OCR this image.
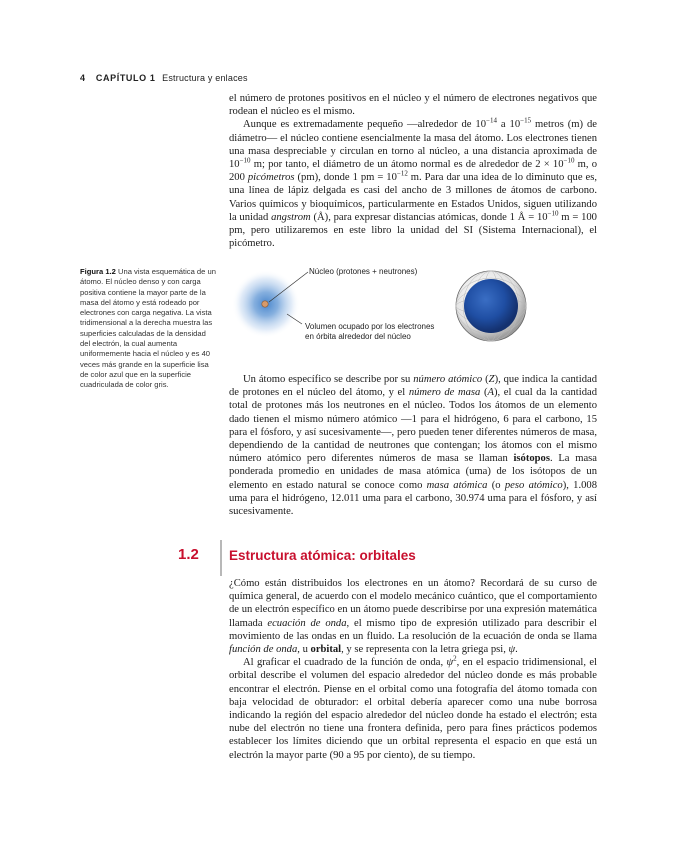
4 CAPÍTULO 1 Estructura y enlaces

el número de protones positivos en el núcleo y el número de electrones negativos que rodean el núcleo es el mismo.

Aunque es extremadamente pequeño —alrededor de $10^{-14}$ a $10^{-15}$ metros (m) de diámetro— el núcleo contiene esencialmente la masa del átomo. Los electrones tienen una masa despreciable y circulan en torno al núcleo, a una distancia aproximada de $10^{-10}$ m; por tanto, el diámetro de un átomo normal es de alrededor de $2 \times 10^{-10}$ m, o 200 picómetros (pm), donde 1 pm = $10^{-12}$ m. Para dar una idea de lo diminuto que es, una línea de lápiz delgada es casi del ancho de 3 millones de átomos de carbono. Varios químicos y bioquímicos, particularmente en Estados Unidos, siguen utilizando la unidad angstrom (Å), para expresar distancias atómicas, donde 1 Å = $10^{-10}$ m = 100 pm, pero utilizaremos en este libro la unidad del SI (Sistema Internacional), el picómetro.

Figura 1.2 Una vista esquemática de un átomo. El núcleo denso y con carga positiva contiene la mayor parte de la masa del átomo y está rodeado por electrones con carga negativa. La vista tridimensional a la derecha muestra las superficies calculadas de la densidad del electrón, la cual aumenta uniformemente hacia el núcleo y es 40 veces más grande en la superficie lisa de color azul que en la superficie cuadriculada de color gris.
Núcleo (protones + neutrones)
Volumen ocupado por los electrones
en órbita alrededor del núcleo

Un átomo específico se describe por su número atómico (Z), que indica la cantidad de protones en el núcleo del átomo, y el número de masa (A), el cual da la cantidad total de protones más los neutrones en el núcleo. Todos los átomos de un elemento dado tienen el mismo número atómico —1 para el hidrógeno, 6 para el carbono, 15 para el fósforo, y así sucesivamente—, pero pueden tener diferentes números de masa, dependiendo de la cantidad de neutrones que contengan; los átomos con el mismo número atómico pero diferentes números de masa se llaman isótopos. La masa ponderada promedio en unidades de masa atómica (uma) de los isótopos de un elemento en estado natural se conoce como masa atómica (o peso atómico), 1.008 uma para el hidrógeno, 12.011 uma para el carbono, 30.974 uma para el fósforo, y así sucesivamente.

1.2 Estructura atómica: orbitales

¿Cómo están distribuidos los electrones en un átomo? Recordará de su curso de química general, de acuerdo con el modelo mecánico cuántico, que el comportamiento de un electrón específico en un átomo puede describirse por una expresión matemática llamada ecuación de onda, el mismo tipo de expresión utilizado para describir el movimiento de las ondas en un fluido. La resolución de la ecuación de onda se llama función de onda, u orbital, y se representa con la letra griega psi, ψ.

Al graficar el cuadrado de la función de onda, $\psi^2$, en el espacio tridimensional, el orbital describe el volumen del espacio alrededor del núcleo donde es más probable encontrar el electrón. Piense en el orbital como una fotografía del átomo tomada con baja velocidad de obturador: el orbital debería aparecer como una nube borrosa indicando la región del espacio alrededor del núcleo donde ha estado el electrón; esta nube del electrón no tiene una frontera definida, pero para fines prácticos podemos establecer los límites diciendo que un orbital representa el espacio en que está un electrón la mayor parte (90 a 95 por ciento), de su tiempo.
